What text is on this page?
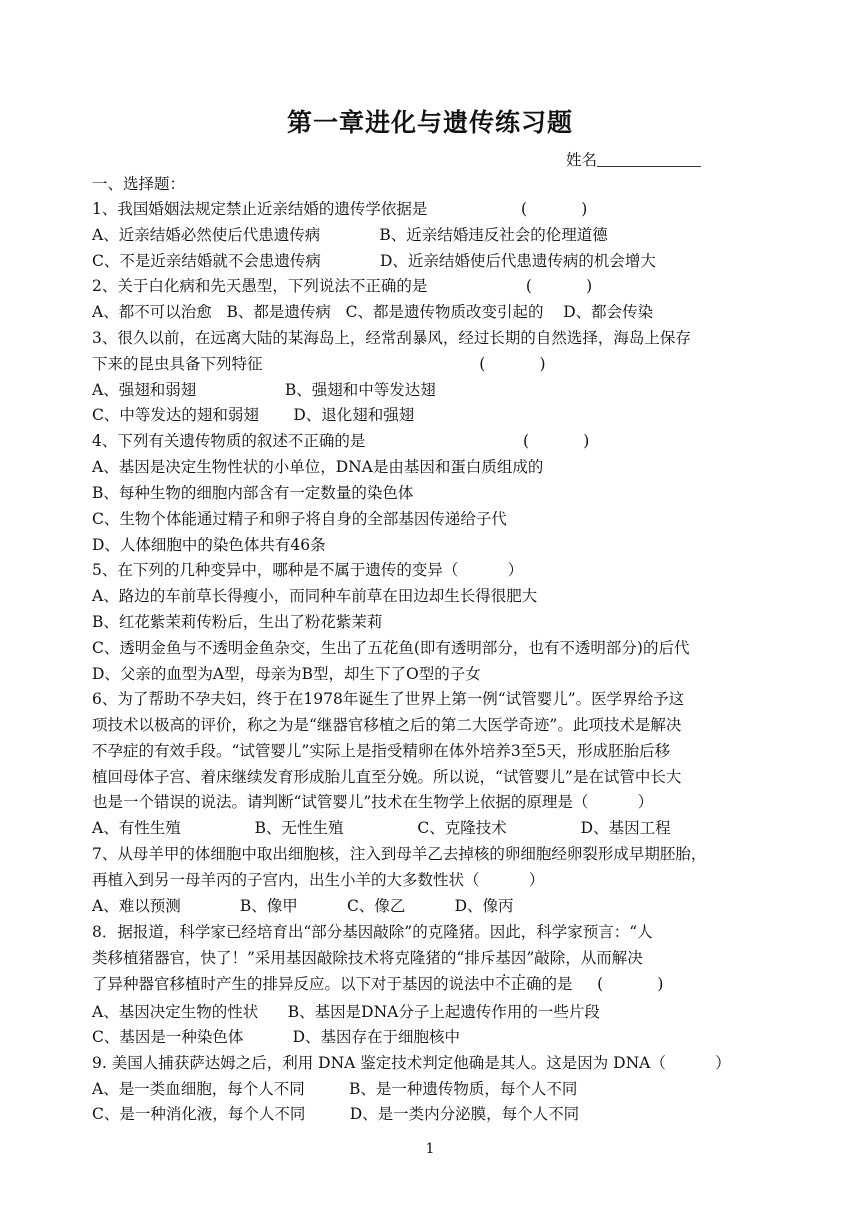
第一章进化与遗传练习题
姓名
一、选择题：
1、我国婚姻法规定禁止近亲结婚的遗传学依据是                   (           )
A、近亲结婚必然使后代患遗传病            B、近亲结婚违反社会的伦理道德
C、不是近亲结婚就不会患遗传病            D、近亲结婚使后代患遗传病的机会增大
2、关于白化病和先天愚型，下列说法不正确的是                    (           )
A、都不可以治愈   B、都是遗传病   C、都是遗传物质改变引起的    D、都会传染
3、很久以前，在远离大陆的某海岛上，经常刮暴风，经过长期的自然选择，海岛上保存
下来的昆虫具备下列特征                                            (           )
A、强翅和弱翅                  B、强翅和中等发达翅
C、中等发达的翅和弱翅       D、退化翅和强翅
4、下列有关遗传物质的叙述不正确的是                                (           )
A、基因是决定生物性状的小单位，DNA是由基因和蛋白质组成的
B、每种生物的细胞内部含有一定数量的染色体
C、生物个体能通过精子和卵子将自身的全部基因传递给子代
D、人体细胞中的染色体共有46条
5、在下列的几种变异中，哪种是不属于遗传的变异（          ）
A、路边的车前草长得瘦小，而同种车前草在田边却生长得很肥大
B、红花紫茉莉传粉后，生出了粉花紫茉莉
C、透明金鱼与不透明金鱼杂交，生出了五花鱼(即有透明部分，也有不透明部分)的后代
D、父亲的血型为A型，母亲为B型，却生下了O型的子女
6、为了帮助不孕夫妇，终于在1978年诞生了世界上第一例“试管婴儿”。医学界给予这
项技术以极高的评价，称之为是“继器官移植之后的第二大医学奇迹”。此项技术是解决
不孕症的有效手段。“试管婴儿”实际上是指受精卵在体外培养3至5天，形成胚胎后移
植回母体子宫、着床继续发育形成胎儿直至分娩。所以说，“试管婴儿”是在试管中长大
也是一个错误的说法。请判断“试管婴儿”技术在生物学上依据的原理是（          ）
A、有性生殖               B、无性生殖               C、克隆技术               D、基因工程
7、从母羊甲的体细胞中取出细胞核，注入到母羊乙去掉核的卵细胞经卵裂形成早期胚胎，
再植入到另一母羊丙的子宫内，出生小羊的大多数性状（          ）
A、难以预测            B、像甲          C、像乙          D、像丙
8．据报道，科学家已经培育出“部分基因敲除”的克隆猪。因此，科学家预言：“人
类移植猪器官，快了！”采用基因敲除技术将克隆猪的“排斥基因”敲除，从而解决
了异种器官移植时产生的排异反应。以下对于基因的说法中不正确的是     (           )
A、基因决定生物的性状      B、基因是DNA分子上起遗传作用的一些片段
C、基因是一种染色体          D、基因存在于细胞核中
9. 美国人捕获萨达姆之后，利用 DNA 鉴定技术判定他确是其人。这是因为 DNA（          ）
A、是一类血细胞，每个人不同         B、是一种遗传物质，每个人不同
C、是一种消化液，每个人不同         D、是一类内分泌膜，每个人不同
1
